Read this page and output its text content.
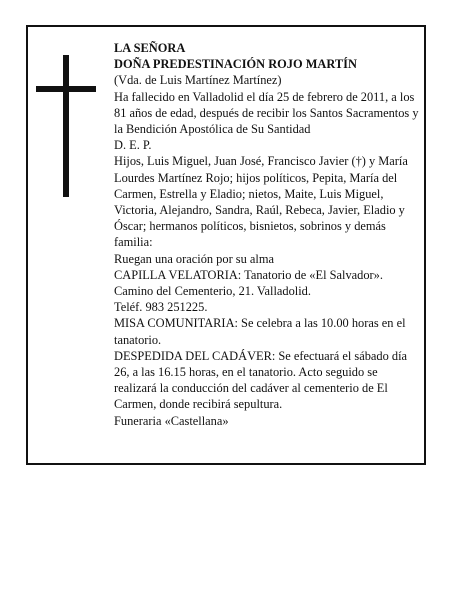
LA SEÑORA

DOÑA PREDESTINACIÓN ROJO MARTÍN

(Vda. de Luis Martínez Martínez)

Ha fallecido en Valladolid el día 25 de febrero de 2011, a los 81 años de edad, después de recibir los Santos Sacramentos y la Bendición Apostólica de Su Santidad

D. E. P.

Hijos, Luis Miguel, Juan José, Francisco Javier (†) y María Lourdes Martínez Rojo; hijos políticos, Pepita, María del Carmen, Estrella y Eladio; nietos, Maite, Luis Miguel, Victoria, Alejandro, Sandra, Raúl, Rebeca, Javier, Eladio y Óscar; hermanos políticos, bisnietos, sobrinos y demás familia:

Ruegan una oración por su alma

CAPILLA VELATORIA: Tanatorio de «El Salvador». Camino del Cementerio, 21. Valladolid.

Teléf. 983 251225.

MISA COMUNITARIA: Se celebra a las 10.00 horas en el tanatorio.

DESPEDIDA DEL CADÁVER: Se efectuará el sábado día 26, a las 16.15 horas, en el tanatorio. Acto seguido se realizará la conducción del cadáver al cementerio de El Carmen, donde recibirá sepultura.

Funeraria «Castellana»
